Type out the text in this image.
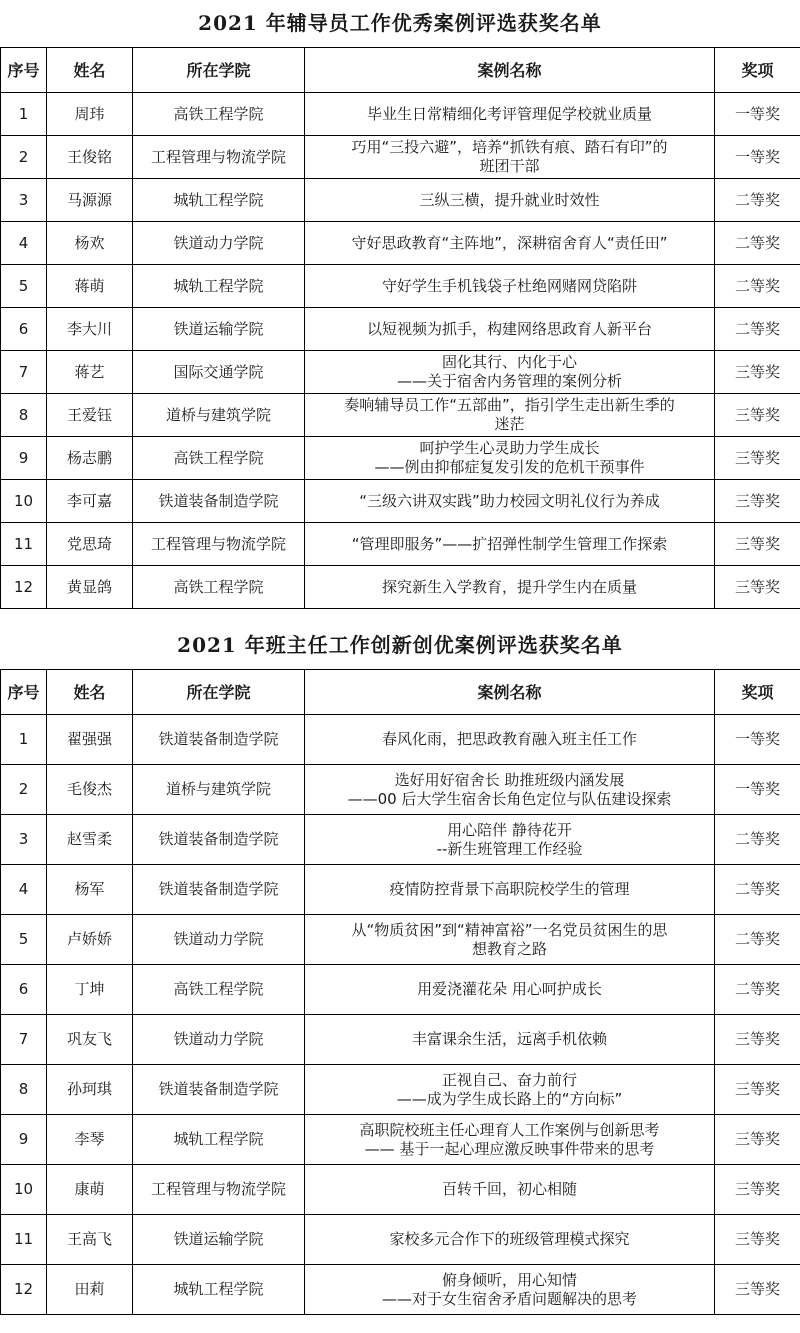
2021 年辅导员工作优秀案例评选获奖名单
序号	姓名	所在学院	案例名称	奖项
1	周玮	高铁工程学院	毕业生日常精细化考评管理促学校就业质量	一等奖
2	王俊铭	工程管理与物流学院	巧用“三投六避”，培养“抓铁有痕、踏石有印”的
班团干部	一等奖
3	马源源	城轨工程学院	三纵三横，提升就业时效性	二等奖
4	杨欢	铁道动力学院	守好思政教育“主阵地”，深耕宿舍育人“责任田”	二等奖
5	蒋萌	城轨工程学院	守好学生手机钱袋子杜绝网赌网贷陷阱	二等奖
6	李大川	铁道运输学院	以短视频为抓手，构建网络思政育人新平台	二等奖
7	蒋艺	国际交通学院	固化其行、内化于心
——关于宿舍内务管理的案例分析	三等奖
8	王爱钰	道桥与建筑学院	奏响辅导员工作“五部曲”，指引学生走出新生季的
迷茫	三等奖
9	杨志鹏	高铁工程学院	呵护学生心灵助力学生成长
——例由抑郁症复发引发的危机干预事件	三等奖
10	李可嘉	铁道装备制造学院	“三级六讲双实践”助力校园文明礼仪行为养成	三等奖
11	党思琦	工程管理与物流学院	“管理即服务”——扩招弹性制学生管理工作探索	三等奖
12	黄显鸽	高铁工程学院	探究新生入学教育，提升学生内在质量	三等奖
2021 年班主任工作创新创优案例评选获奖名单
序号	姓名	所在学院	案例名称	奖项
1	翟强强	铁道装备制造学院	春风化雨，把思政教育融入班主任工作	一等奖
2	毛俊杰	道桥与建筑学院	选好用好宿舍长 助推班级内涵发展
——00 后大学生宿舍长角色定位与队伍建设探索	一等奖
3	赵雪柔	铁道装备制造学院	用心陪伴 静待花开
--新生班管理工作经验	二等奖
4	杨军	铁道装备制造学院	疫情防控背景下高职院校学生的管理	二等奖
5	卢娇娇	铁道动力学院	从“物质贫困”到“精神富裕”一名党员贫困生的思
想教育之路	二等奖
6	丁坤	高铁工程学院	用爱浇灌花朵 用心呵护成长	二等奖
7	巩友飞	铁道动力学院	丰富课余生活，远离手机依赖	三等奖
8	孙珂琪	铁道装备制造学院	正视自己、奋力前行
——成为学生成长路上的“方向标”	三等奖
9	李琴	城轨工程学院	高职院校班主任心理育人工作案例与创新思考
—— 基于一起心理应激反映事件带来的思考	三等奖
10	康萌	工程管理与物流学院	百转千回，初心相随	三等奖
11	王高飞	铁道运输学院	家校多元合作下的班级管理模式探究	三等奖
12	田莉	城轨工程学院	俯身倾听，用心知情
——对于女生宿舍矛盾问题解决的思考	三等奖
